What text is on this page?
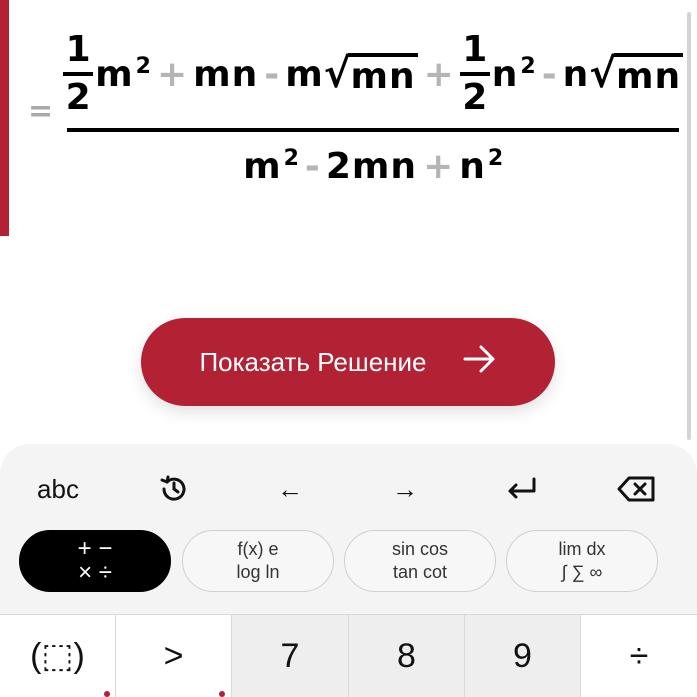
=
1
2
$m^2$ + mn - m √ mn +
1
2
$n^2$ - n √ mn
$m^2 - 2mn + n^2$
Показать Решение
abc	←	→
+ −
× ÷
f(x) e
log ln
sin cos
tan cot
lim dx
∫ ∑ ∞
(⬚) >	7	8	9	÷
